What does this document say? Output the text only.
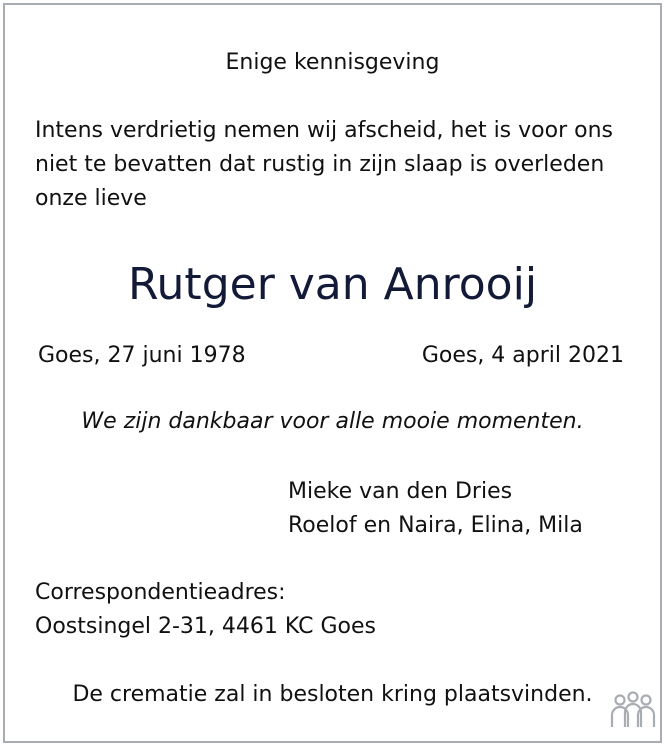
Enige kennisgeving
Intens verdrietig nemen wij afscheid, het is voor ons
niet te bevatten dat rustig in zijn slaap is overleden
onze lieve
Rutger van Anrooij
Goes, 27 juni 1978	Goes, 4 april 2021
We zijn dankbaar voor alle mooie momenten.
Mieke van den Dries
Roelof en Naira, Elina, Mila
Correspondentieadres:
Oostsingel 2-31, 4461 KC Goes
De crematie zal in besloten kring plaatsvinden.
